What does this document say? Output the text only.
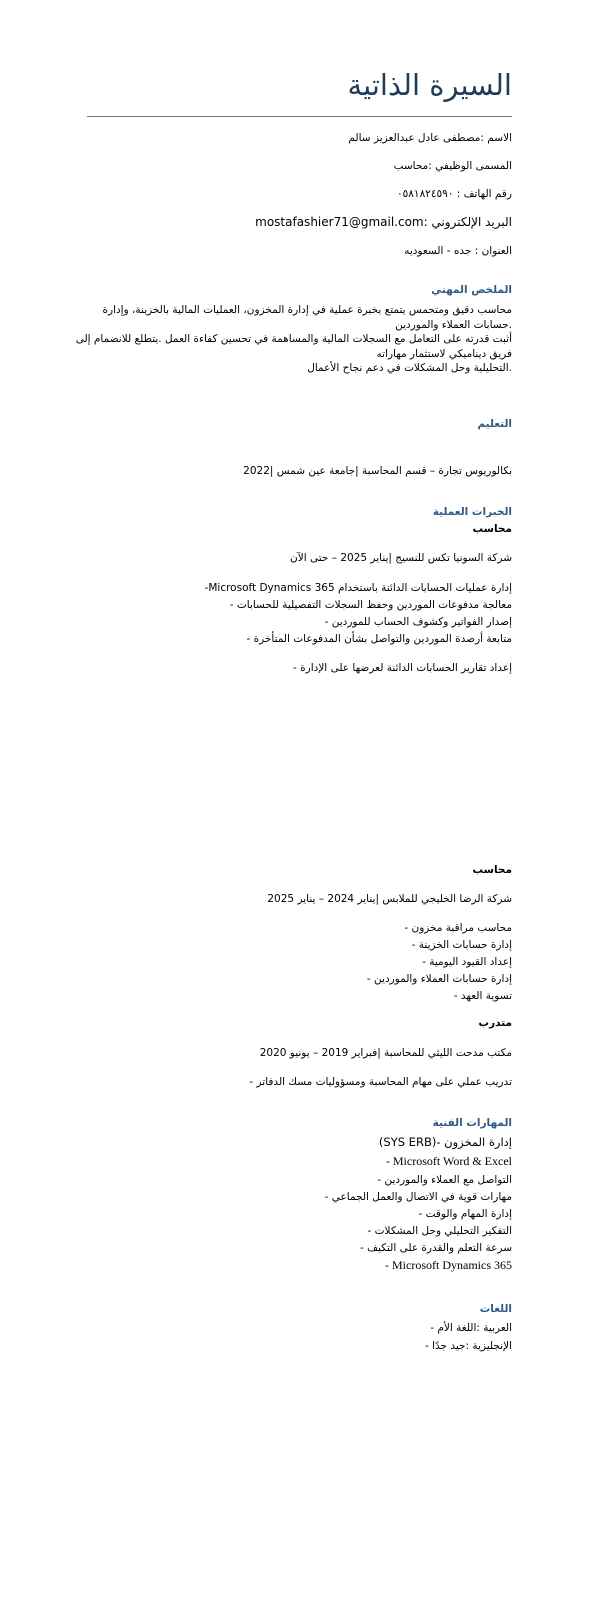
السيرة الذاتية
الاسم :مصطفى عادل عبدالعزيز سالم
المسمى الوظيفي :محاسب
رقم الهاتف : ٠٥٨١٨٢٤٥٩٠
البريد الإلكتروني :mostafashier71@gmail.com
العنوان : جده - السعوديه
الملخص المهني
محاسب دقيق ومتحمس يتمتع بخبرة عملية في إدارة المخزون، العمليات المالية بالخزينة، وإدارة
.حسابات العملاء والموردين
أثبت قدرته على التعامل مع السجلات المالية والمساهمة في تحسين كفاءة العمل .يتطلع للانضمام إلى
فريق ديناميكي لاستثمار مهاراته
.التحليلية وحل المشكلات في دعم نجاح الأعمال
التعليم
بكالوريوس تجارة – قسم المحاسبة |جامعة عين شمس |2022
الخبرات العملية
محاسب
شركة السونيا تكس للنسيج |يناير 2025 – حتى الآن
إدارة عمليات الحسابات الدائنة باستخدام Microsoft Dynamics 365-
معالجة مدفوعات الموردين وحفظ السجلات التفصيلية للحسابات -
إصدار الفواتير وكشوف الحساب للموردين -
متابعة أرصدة الموردين والتواصل بشأن المدفوعات المتأخرة -
إعداد تقارير الحسابات الدائنة لعرضها على الإدارة -
محاسب
شركة الرضا الخليجي للملابس |يناير 2024 – يناير 2025
محاسب مراقبة مخزون -
إدارة حسابات الخزينة -
إعداد القيود اليومية -
إدارة حسابات العملاء والموردين -
تسوية العهد -
متدرب
مكتب مدحت الليثي للمحاسبة |فبراير 2019 – يونيو 2020
تدريب عملي على مهام المحاسبة ومسؤوليات مسك الدفاتر -
المهارات الفنية
إدارة المخزون -(SYS ERB)
- Microsoft Word & Excel
التواصل مع العملاء والموردين -
مهارات قوية في الاتصال والعمل الجماعي -
إدارة المهام والوقت -
التفكير التحليلي وحل المشكلات -
سرعة التعلم والقدرة على التكيف -
- Microsoft Dynamics 365
اللغات
العربية :اللغة الأم -
الإنجليزية :جيد جدًا -
